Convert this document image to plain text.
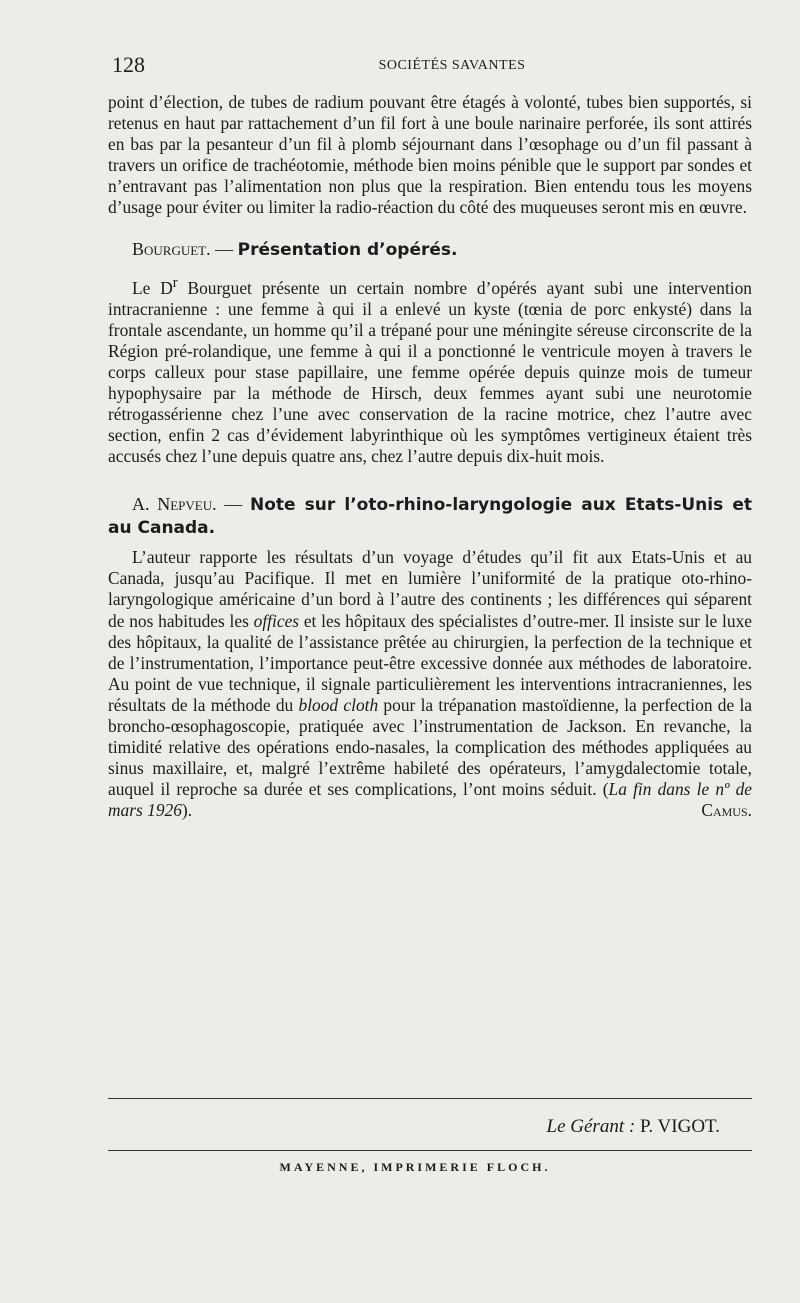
128	SOCIÉTÉS SAVANTES

point d’élection, de tubes de radium pouvant être étagés à volonté, tubes bien supportés, si retenus en haut par rattachement d’un fil fort à une boule narinaire perforée, ils sont attirés en bas par la pesanteur d’un fil à plomb séjournant dans l’œsophage ou d’un fil passant à travers un orifice de trachéotomie, méthode bien moins pénible que le support par sondes et n’entravant pas l’alimentation non plus que la respiration. Bien entendu tous les moyens d’usage pour éviter ou limiter la radio-réaction du côté des muqueuses seront mis en œuvre.

Bourguet. — Présentation d’opérés.

Le $D^r$ Bourguet présente un certain nombre d’opérés ayant subi une intervention intracranienne : une femme à qui il a enlevé un kyste (tœnia de porc enkysté) dans la frontale ascendante, un homme qu’il a trépané pour une méningite séreuse circonscrite de la Région pré-rolandique, une femme à qui il a ponctionné le ventricule moyen à travers le corps calleux pour stase papillaire, une femme opérée depuis quinze mois de tumeur hypophysaire par la méthode de Hirsch, deux femmes ayant subi une neurotomie rétrogassérienne chez l’une avec conservation de la racine motrice, chez l’autre avec section, enfin 2 cas d’évidement labyrinthique où les symptômes vertigineux étaient très accusés chez l’une depuis quatre ans, chez l’autre depuis dix-huit mois.

A. Nepveu. — Note sur l’oto-rhino-laryngologie aux Etats-Unis et au Canada.

L’auteur rapporte les résultats d’un voyage d’études qu’il fit aux Etats-Unis et au Canada, jusqu’au Pacifique. Il met en lumière l’uniformité de la pratique oto-rhino-laryngologique américaine d’un bord à l’autre des continents ; les différences qui séparent de nos habitudes les offices et les hôpitaux des spécialistes d’outre-mer. Il insiste sur le luxe des hôpitaux, la qualité de l’assistance prêtée au chirurgien, la perfection de la technique et de l’instrumentation, l’importance peut-être excessive donnée aux méthodes de laboratoire. Au point de vue technique, il signale particulièrement les interventions intracraniennes, les résultats de la méthode du blood cloth pour la trépanation mastoïdienne, la perfection de la broncho-œsophagoscopie, pratiquée avec l’instrumentation de Jackson. En revanche, la timidité relative des opérations endo-nasales, la complication des méthodes appliquées au sinus maxillaire, et, malgré l’extrême habileté des opérateurs, l’amygdalectomie totale, auquel il reproche sa durée et ses complications, l’ont moins séduit. (La fin dans le nº de mars 1926).	Camus.

Le Gérant : P. VIGOT.
MAYENNE, IMPRIMERIE FLOCH.
